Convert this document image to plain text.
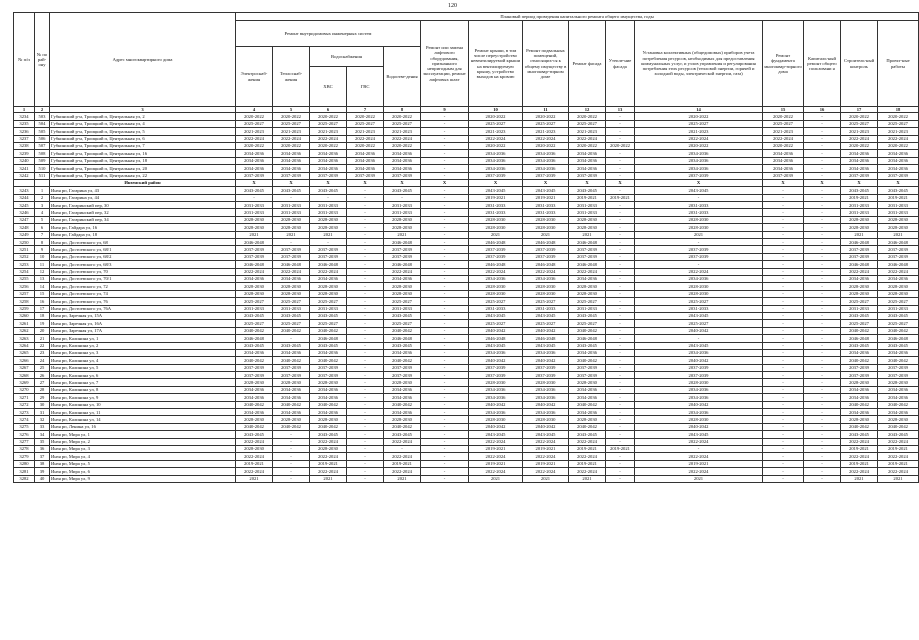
120
№ п/п	№ по рай-ону	Адрес многоквартирного дома	Плановый период проведения капитального ремонта общего имущества, годы															
			Ремонт внутридомовых инженерных систем					Ремонт или замена лифтового оборудования, признанного непригодным для эксплуатации, ремонт лифтовых шахт	Ремонт крыши, в том числе переустройство невентилируемой крыши на вентилируемую крышу, устройство выходов на кровлю	Ремонт подвальных помещений, относящих-ся к общему имуществу в многоквар-тирном доме	Ремонт фасада	Утепле-ние фасада	Установка коллективных (общедомовых) приборов учета потребления ресурсов, необходимых для предоставления коммунальных услуг, и узлов управления и регулирования потребления этих ресурсов (тепловой энергии, горячей и холодной воды, электрической энергии, газа)	Ремонт фундамента многоквар-тирного дома	Капиталь-ный ремонт общего пользовани я	Строитель-ный контроль	Проект-ные работы	
			Электроснаб-жения	Теплоснаб-жения	Водоснабжения		Водоотве-дения											
					ХВС	ГВС												
1	2	3	4	5	6	7	8	9	10	11	12	13	14	15	16	17	18	
3234	503	Губкинский р-н, Троицкий п, Центральная ул, 2	2020-2022	2020-2022	2020-2022	2020-2022	2020-2022	-	2020-2022	2020-2022	2020-2022	-	2020-2022	2020-2022	-	2020-2022	2020-2022	
3235	504	Губкинский р-н, Троицкий п, Центральная ул, 4	2025-2027	2025-2027	2025-2027	2025-2027	2025-2027	-	2025-2027	2025-2027	2025-2027	-	2025-2027	2025-2027	-	2025-2027	2025-2027	
3236	505	Губкинский р-н, Троицкий п, Центральная ул, 5	2021-2023	2021-2023	2021-2023	2021-2023	2021-2023	-	2021-2023	2021-2023	2021-2023	-	2021-2023	2021-2023	-	2021-2023	2021-2023	
3237	506	Губкинский р-н, Троицкий п, Центральная ул, 6	2022-2024	2022-2024	2022-2024	2022-2024	2022-2024	-	2022-2024	2022-2024	2022-2024	-	2022-2024	2022-2024	-	2022-2024	2022-2024	
3238	507	Губкинский р-н, Троицкий п, Центральная ул, 7	2020-2022	2020-2022	2020-2022	2020-2022	2020-2022	-	2020-2022	2020-2022	2020-2022	2020-2022	2020-2022	2020-2022	-	2020-2022	2020-2022	
3239	508	Губкинский р-н, Троицкий п, Центральная ул, 16	2034-2036	2034-2036	2034-2036	2034-2036	2034-2036	-	2034-2036	2034-2036	2034-2036	-	2034-2036	2034-2036	-	2034-2036	2034-2036	
3240	509	Губкинский р-н, Троицкий п, Центральная ул, 18	2034-2036	2034-2036	2034-2036	2034-2036	2034-2036	-	2034-2036	2034-2036	2034-2036	-	2034-2036	2034-2036	-	2034-2036	2034-2036	
3241	510	Губкинский р-н, Троицкий п, Центральная ул, 20	2034-2036	2034-2036	2034-2036	2034-2036	2034-2036	-	2034-2036	2034-2036	2034-2036	-	2034-2036	2034-2036	-	2034-2036	2034-2036	
3242	511	Губкинский р-н, Троицкий п, Центральная ул, 22	2037-2039	2037-2039	2037-2039	2037-2039	2037-2039	-	2037-2039	2037-2039	2037-2039	-	2037-2039	2037-2039	-	2037-2039	2037-2039	
		Инзенский район	X	X	X	X	X	X	X	X	X	X	X	X	X	X	X	
3243	1	Инзя рп, Гагарина ул, 43	2043-2045	2043-2045	2043-2045	-	2043-2045	-	2043-2045	2043-2045	2043-2045	-	2043-2045	-	-	2043-2045	2043-2045	
3244	2	Инзя рп, Гагарина ул, 44	-	-	-	-	-	-	2019-2021	2019-2021	2019-2021	2019-2021	-	-	-	2019-2021	2019-2021	
3245	3	Инзя рп, Гагаринский пер, 30	2031-2033	2031-2033	2031-2033	-	2031-2033	-	2031-2033	2031-2033	2031-2033	-	2031-2033	-	-	2031-2033	2031-2033	
3246	4	Инзя рп, Гагаринский пер, 32	2031-2033	2031-2033	2031-2033	-	2031-2033	-	2031-2033	2031-2033	2031-2033	-	2031-2033	-	-	2031-2033	2031-2033	
3247	5	Инзя рп, Гагаринский пер, 34	2028-2030	2028-2030	2028-2030	-	2028-2030	-	2028-2030	2028-2030	2028-2030	-	2028-2030	-	-	2028-2030	2028-2030	
3248	6	Инзя рп, Гайдара ул, 16	2028-2030	2028-2030	2028-2030	-	2028-2030	-	2028-2030	2028-2030	2028-2030	-	2028-2030	-	-	2028-2030	2028-2030	
3249	7	Инзя рп, Гайдара ул, 18	2021	2021	2021	-	2021	-	2021	2021	2021	-	2021	-	-	2021	2021	
3250	8	Инзя рп, Достоевского ул, 68	2046-2048	-	-	-	2046-2048	-	2046-2048	2046-2048	2046-2048	-	-	-	-	2046-2048	2046-2048	
3251	9	Инзя рп, Достоевского ул, 68/1	2037-2039	2037-2039	2037-2039	-	2037-2039	-	2037-2039	2037-2039	2037-2039	-	2037-2039	-	-	2037-2039	2037-2039	
3252	10	Инзя рп, Достоевского ул, 68/2	2037-2039	2037-2039	2037-2039	-	2037-2039	-	2037-2039	2037-2039	2037-2039	-	2037-2039	-	-	2037-2039	2037-2039	
3253	11	Инзя рп, Достоевского ул, 68/3	2046-2048	2046-2048	2046-2048	-	2046-2048	-	2046-2048	2046-2048	2046-2048	-	-	-	-	2046-2048	2046-2048	
3254	12	Инзя рп, Достоевского ул, 70	2022-2024	2022-2024	2022-2024	-	2022-2024	-	2022-2024	2022-2024	2022-2024	-	2022-2024	-	-	2022-2024	2022-2024	
3255	13	Инзя рп, Достоевского ул, 70/1	2034-2036	2034-2036	2034-2036	-	2034-2036	-	2034-2036	2034-2036	2034-2036	-	2034-2036	-	-	2034-2036	2034-2036	
3256	14	Инзя рп, Достоевского ул, 72	2028-2030	2028-2030	2028-2030	-	2028-2030	-	2028-2030	2028-2030	2028-2030	-	2028-2030	-	-	2028-2030	2028-2030	
3257	15	Инзя рп, Достоевского ул, 74	2028-2030	2028-2030	2028-2030	-	2028-2030	-	2028-2030	2028-2030	2028-2030	-	2028-2030	-	-	2028-2030	2028-2030	
3258	16	Инзя рп, Достоевского ул, 76	2025-2027	2025-2027	2025-2027	-	2025-2027	-	2025-2027	2025-2027	2025-2027	-	2025-2027	-	-	2025-2027	2025-2027	
3259	17	Инзя рп, Достоевского ул, 76А	2031-2033	2031-2033	2031-2033	-	2031-2033	-	2031-2033	2031-2033	2031-2033	-	2031-2033	-	-	2031-2033	2031-2033	
3260	18	Инзя рп, Заречная ул, 15А	2043-2045	2043-2045	2043-2045	-	2043-2045	-	2043-2045	2043-2045	2043-2045	-	2043-2045	-	-	2043-2045	2043-2045	
3261	19	Инзя рп, Заречная ул, 16А	2025-2027	2025-2027	2025-2027	-	2025-2027	-	2025-2027	2025-2027	2025-2027	-	2025-2027	-	-	2025-2027	2025-2027	
3262	20	Инзя рп, Заречная ул, 17А	2040-2042	2040-2042	2040-2042	-	2040-2042	-	2040-2042	2040-2042	2040-2042	-	2040-2042	-	-	2040-2042	2040-2042	
3263	21	Инзя рп, Калинина ул, 1	2046-2048	-	2046-2048	-	2046-2048	-	2046-2048	2046-2048	2046-2048	-	-	-	-	2046-2048	2046-2048	
3264	22	Инзя рп, Калинина ул, 2	2043-2045	2043-2045	2043-2045	-	2043-2045	-	2043-2045	2043-2045	2043-2045	-	2043-2045	-	-	2043-2045	2043-2045	
3265	23	Инзя рп, Калинина ул, 3	2034-2036	2034-2036	2034-2036	-	2034-2036	-	2034-2036	2034-2036	2034-2036	-	2034-2036	-	-	2034-2036	2034-2036	
3266	24	Инзя рп, Калинина ул, 4	2040-2042	2040-2042	2040-2042	-	2040-2042	-	2040-2042	2040-2042	2040-2042	-	2040-2042	-	-	2040-2042	2040-2042	
3267	25	Инзя рп, Калинина ул, 5	2037-2039	2037-2039	2037-2039	-	2037-2039	-	2037-2039	2037-2039	2037-2039	-	2037-2039	-	-	2037-2039	2037-2039	
3268	26	Инзя рп, Калинина ул, 6	2037-2039	2037-2039	2037-2039	-	2037-2039	-	2037-2039	2037-2039	2037-2039	-	2037-2039	-	-	2037-2039	2037-2039	
3269	27	Инзя рп, Калинина ул, 7	2028-2030	2028-2030	2028-2030	-	2028-2030	-	2028-2030	2028-2030	2028-2030	-	2028-2030	-	-	2028-2030	2028-2030	
3270	28	Инзя рп, Калинина ул, 8	2034-2036	2034-2036	2034-2036	-	2034-2036	-	2034-2036	2034-2036	2034-2036	-	2034-2036	-	-	2034-2036	2034-2036	
3271	29	Инзя рп, Калинина ул, 9	2034-2036	2034-2036	2034-2036	-	2034-2036	-	2034-2036	2034-2036	2034-2036	-	2034-2036	-	-	2034-2036	2034-2036	
3272	30	Инзя рп, Калинина ул, 10	2040-2042	2040-2042	2040-2042	-	2040-2042	-	2040-2042	2040-2042	2040-2042	-	2040-2042	-	-	2040-2042	2040-2042	
3273	31	Инзя рп, Калинина ул, 11	2034-2036	2034-2036	2034-2036	-	2034-2036	-	2034-2036	2034-2036	2034-2036	-	2034-2036	-	-	2034-2036	2034-2036	
3274	32	Инзя рп, Калинина ул, 14	2028-2030	2028-2030	2028-2030	-	2028-2030	-	2028-2030	2028-2030	2028-2030	-	2028-2030	-	-	2028-2030	2028-2030	
3275	33	Инзя рп, Ленина ул, 16	2040-2042	2040-2042	2040-2042	-	2040-2042	-	2040-2042	2040-2042	2040-2042	-	2040-2042	-	-	2040-2042	2040-2042	
3276	34	Инзя рп, Мира ул, 1	2043-2045	-	2043-2045	-	2043-2045	-	2043-2045	2043-2045	2043-2045	-	2043-2045	-	-	2043-2045	2043-2045	
3277	35	Инзя рп, Мира ул, 2	2022-2024	-	2022-2024	-	2022-2024	-	2022-2024	2022-2024	2022-2024	-	2022-2024	-	-	2022-2024	2022-2024	
3278	36	Инзя рп, Мира ул, 3	2028-2030	-	2028-2030	-	-	-	2019-2021	2019-2021	2019-2021	2019-2021	-	-	-	2019-2021	2019-2021	
3279	37	Инзя рп, Мира ул, 4	2022-2024	-	2022-2024	-	2022-2024	-	2022-2024	2022-2024	2022-2024	-	2022-2024	-	-	2022-2024	2022-2024	
3280	38	Инзя рп, Мира ул, 5	2019-2021	-	2019-2021	-	2019-2021	-	2019-2021	2019-2021	2019-2021	-	2019-2021	-	-	2019-2021	2019-2021	
3281	39	Инзя рп, Мира ул, 6	2022-2024	-	2022-2024	-	2022-2024	-	2022-2024	2022-2024	2022-2024	-	2022-2024	-	-	2022-2024	2022-2024	
3282	40	Инзя рп, Мира ул, 9	2021	-	2021	-	2021	-	2021	2021	2021	-	2021	-	-	2021	2021	
